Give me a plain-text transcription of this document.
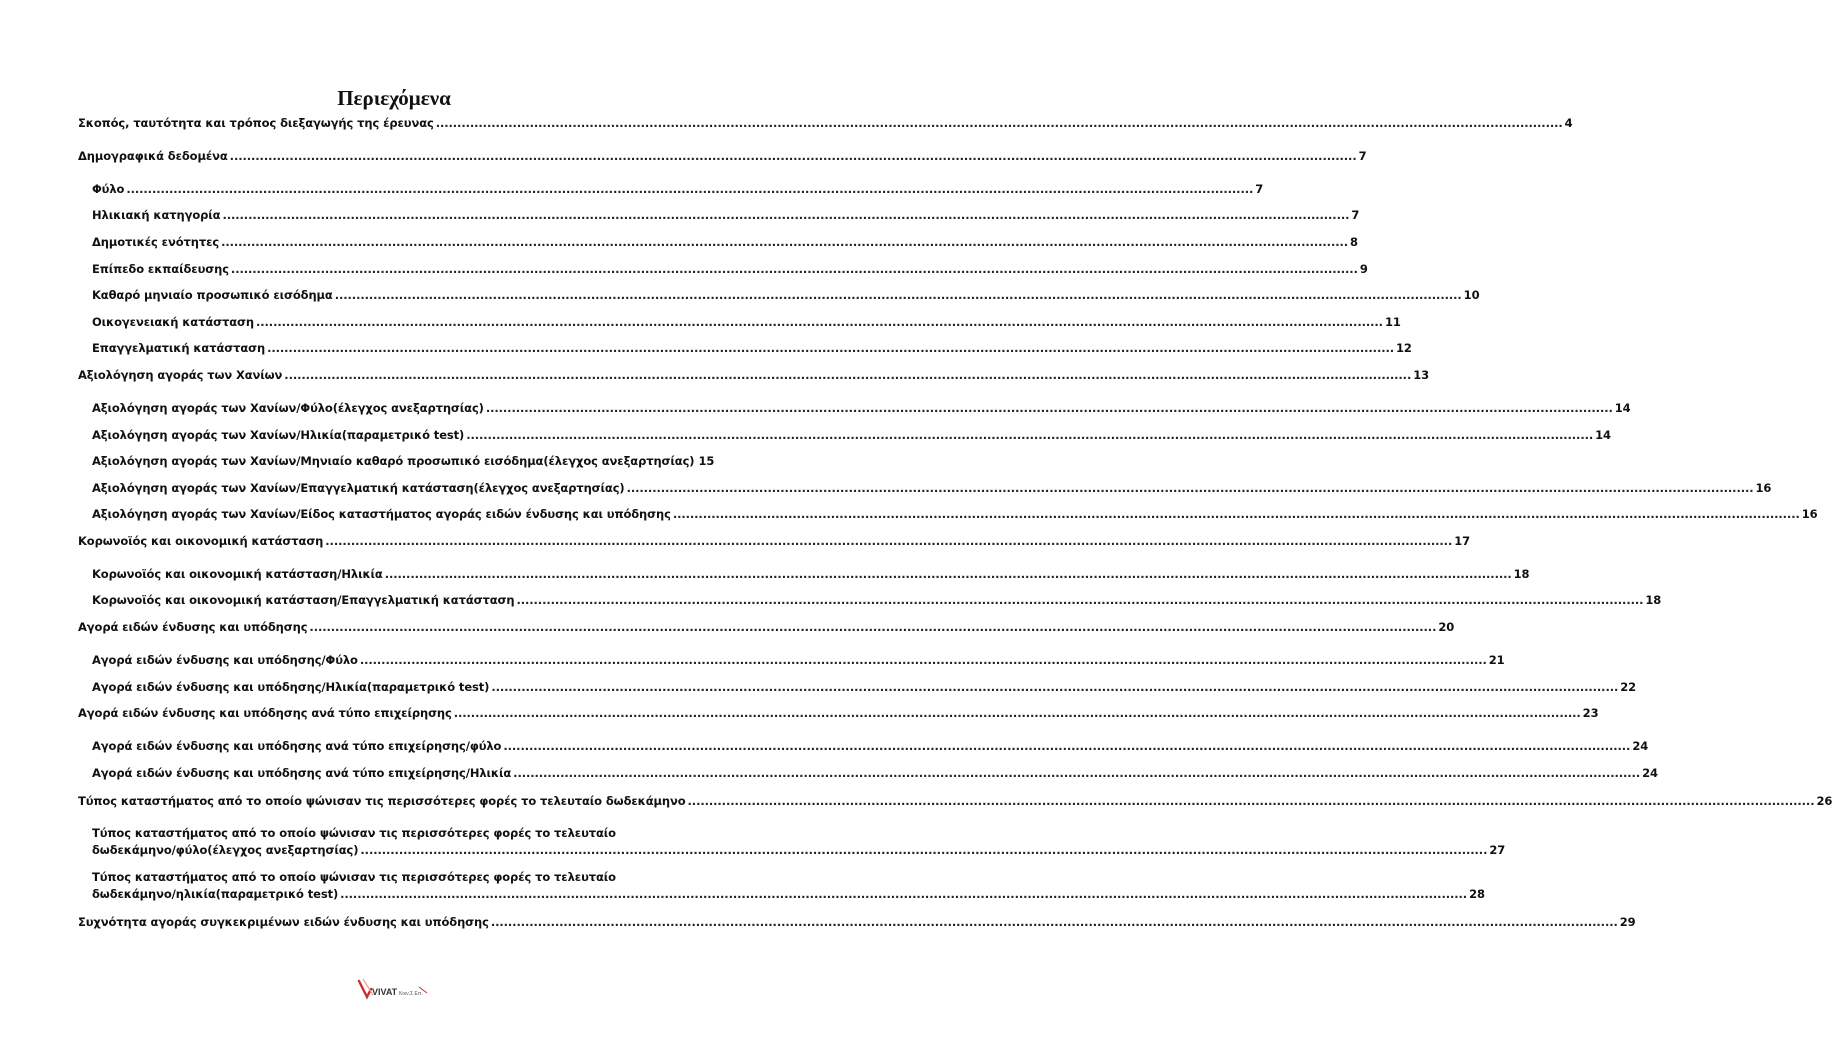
Περιεχόμενα
Σκοπός, ταυτότητα και τρόπος διεξαγωγής της έρευνας .....	4
Δημογραφικά δεδομένα .....	7
Φύλο .....	7
Ηλικιακή κατηγορία .....	7
Δημοτικές ενότητες .....	8
Επίπεδο εκπαίδευσης .....	9
Καθαρό μηνιαίο προσωπικό εισόδημα .....	10
Οικογενειακή κατάσταση .....	11
Επαγγελματική κατάσταση .....	12
Αξιολόγηση αγοράς των Χανίων .....	13
Αξιολόγηση αγοράς των Χανίων/Φύλο(έλεγχος ανεξαρτησίας) .....	14
Αξιολόγηση αγοράς των Χανίων/Ηλικία(παραμετρικό test) .....	14
Αξιολόγηση αγοράς των Χανίων/Μηνιαίο καθαρό προσωπικό εισόδημα(έλεγχος ανεξαρτησίας) 15
Αξιολόγηση αγοράς των Χανίων/Επαγγελματική κατάσταση(έλεγχος ανεξαρτησίας) .....	16
Αξιολόγηση αγοράς των Χανίων/Είδος καταστήματος αγοράς ειδών ένδυσης και υπόδησης .....	16
Κορωνοϊός και οικονομική κατάσταση .....	17
Κορωνοϊός και οικονομική κατάσταση/Ηλικία .....	18
Κορωνοϊός και οικονομική κατάσταση/Επαγγελματική κατάσταση .....	18
Αγορά ειδών ένδυσης και υπόδησης .....	20
Αγορά ειδών ένδυσης και υπόδησης/Φύλο .....	21
Αγορά ειδών ένδυσης και υπόδησης/Ηλικία(παραμετρικό test) .....	22
Αγορά ειδών ένδυσης και υπόδησης ανά τύπο επιχείρησης .....	23
Αγορά ειδών ένδυσης και υπόδησης ανά τύπο επιχείρησης/φύλο .....	24
Αγορά ειδών ένδυσης και υπόδησης ανά τύπο επιχείρησης/Ηλικία .....	24
Τύπος καταστήματος από το οποίο ψώνισαν τις περισσότερες φορές το τελευταίο δωδεκάμηνο .....	26
Τύπος καταστήματος από το οποίο ψώνισαν τις περισσότερες φορές το τελευταίο
δωδεκάμηνο/φύλο(έλεγχος ανεξαρτησίας) .....	27
Τύπος καταστήματος από το οποίο ψώνισαν τις περισσότερες φορές το τελευταίο
δωδεκάμηνο/ηλικία(παραμετρικό test) .....	28
Συχνότητα αγοράς συγκεκριμένων ειδών ένδυσης και υπόδησης .....	29
VIVAT Κοιν.Σ.Επ.
